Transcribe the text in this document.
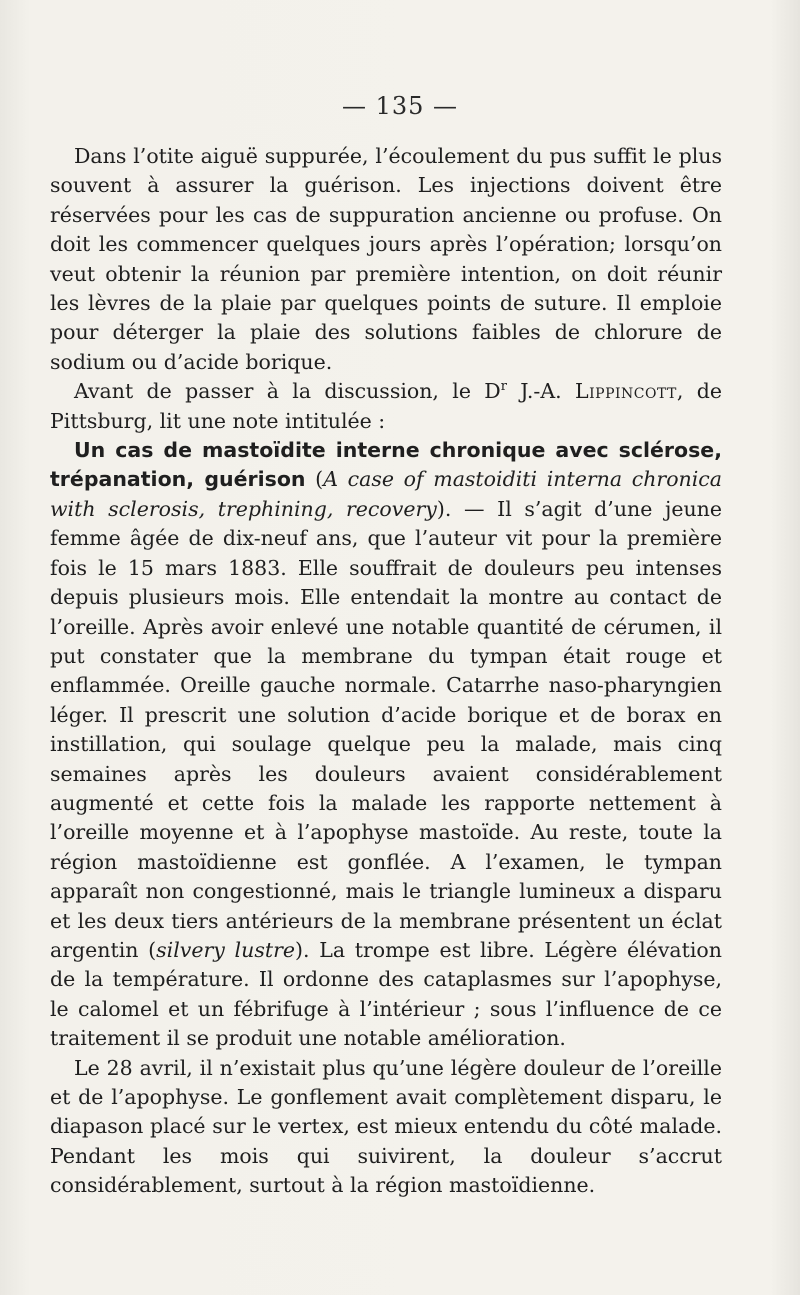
— 135 —

Dans l’otite aiguë suppurée, l’écoulement du pus suffit le plus souvent à assurer la guérison. Les injections doivent être réservées pour les cas de suppuration ancienne ou profuse. On doit les commencer quelques jours après l’opération; lorsqu’on veut obtenir la réunion par première intention, on doit réunir les lèvres de la plaie par quelques points de suture. Il emploie pour déterger la plaie des solutions faibles de chlorure de sodium ou d’acide borique.

Avant de passer à la discussion, le $D^r$ J.-A. Lippincott, de Pittsburg, lit une note intitulée :

Un cas de mastoïdite interne chronique avec sclérose, trépanation, guérison (A case of mastoiditi interna chronica with sclerosis, trephining, recovery). — Il s’agit d’une jeune femme âgée de dix-neuf ans, que l’auteur vit pour la première fois le 15 mars 1883. Elle souffrait de douleurs peu intenses depuis plusieurs mois. Elle entendait la montre au contact de l’oreille. Après avoir enlevé une notable quantité de cérumen, il put constater que la membrane du tympan était rouge et enflammée. Oreille gauche normale. Catarrhe naso-pharyngien léger. Il prescrit une solution d’acide borique et de borax en instillation, qui soulage quelque peu la malade, mais cinq semaines après les douleurs avaient considérablement augmenté et cette fois la malade les rapporte nettement à l’oreille moyenne et à l’apophyse mastoïde. Au reste, toute la région mastoïdienne est gonflée. A l’examen, le tympan apparaît non congestionné, mais le triangle lumineux a disparu et les deux tiers antérieurs de la membrane présentent un éclat argentin (silvery lustre). La trompe est libre. Légère élévation de la température. Il ordonne des cataplasmes sur l’apophyse, le calomel et un fébrifuge à l’intérieur ; sous l’influence de ce traitement il se produit une notable amélioration.

Le 28 avril, il n’existait plus qu’une légère douleur de l’oreille et de l’apophyse. Le gonflement avait complètement disparu, le diapason placé sur le vertex, est mieux entendu du côté malade. Pendant les mois qui suivirent, la douleur s’accrut considérablement, surtout à la région mastoïdienne.
